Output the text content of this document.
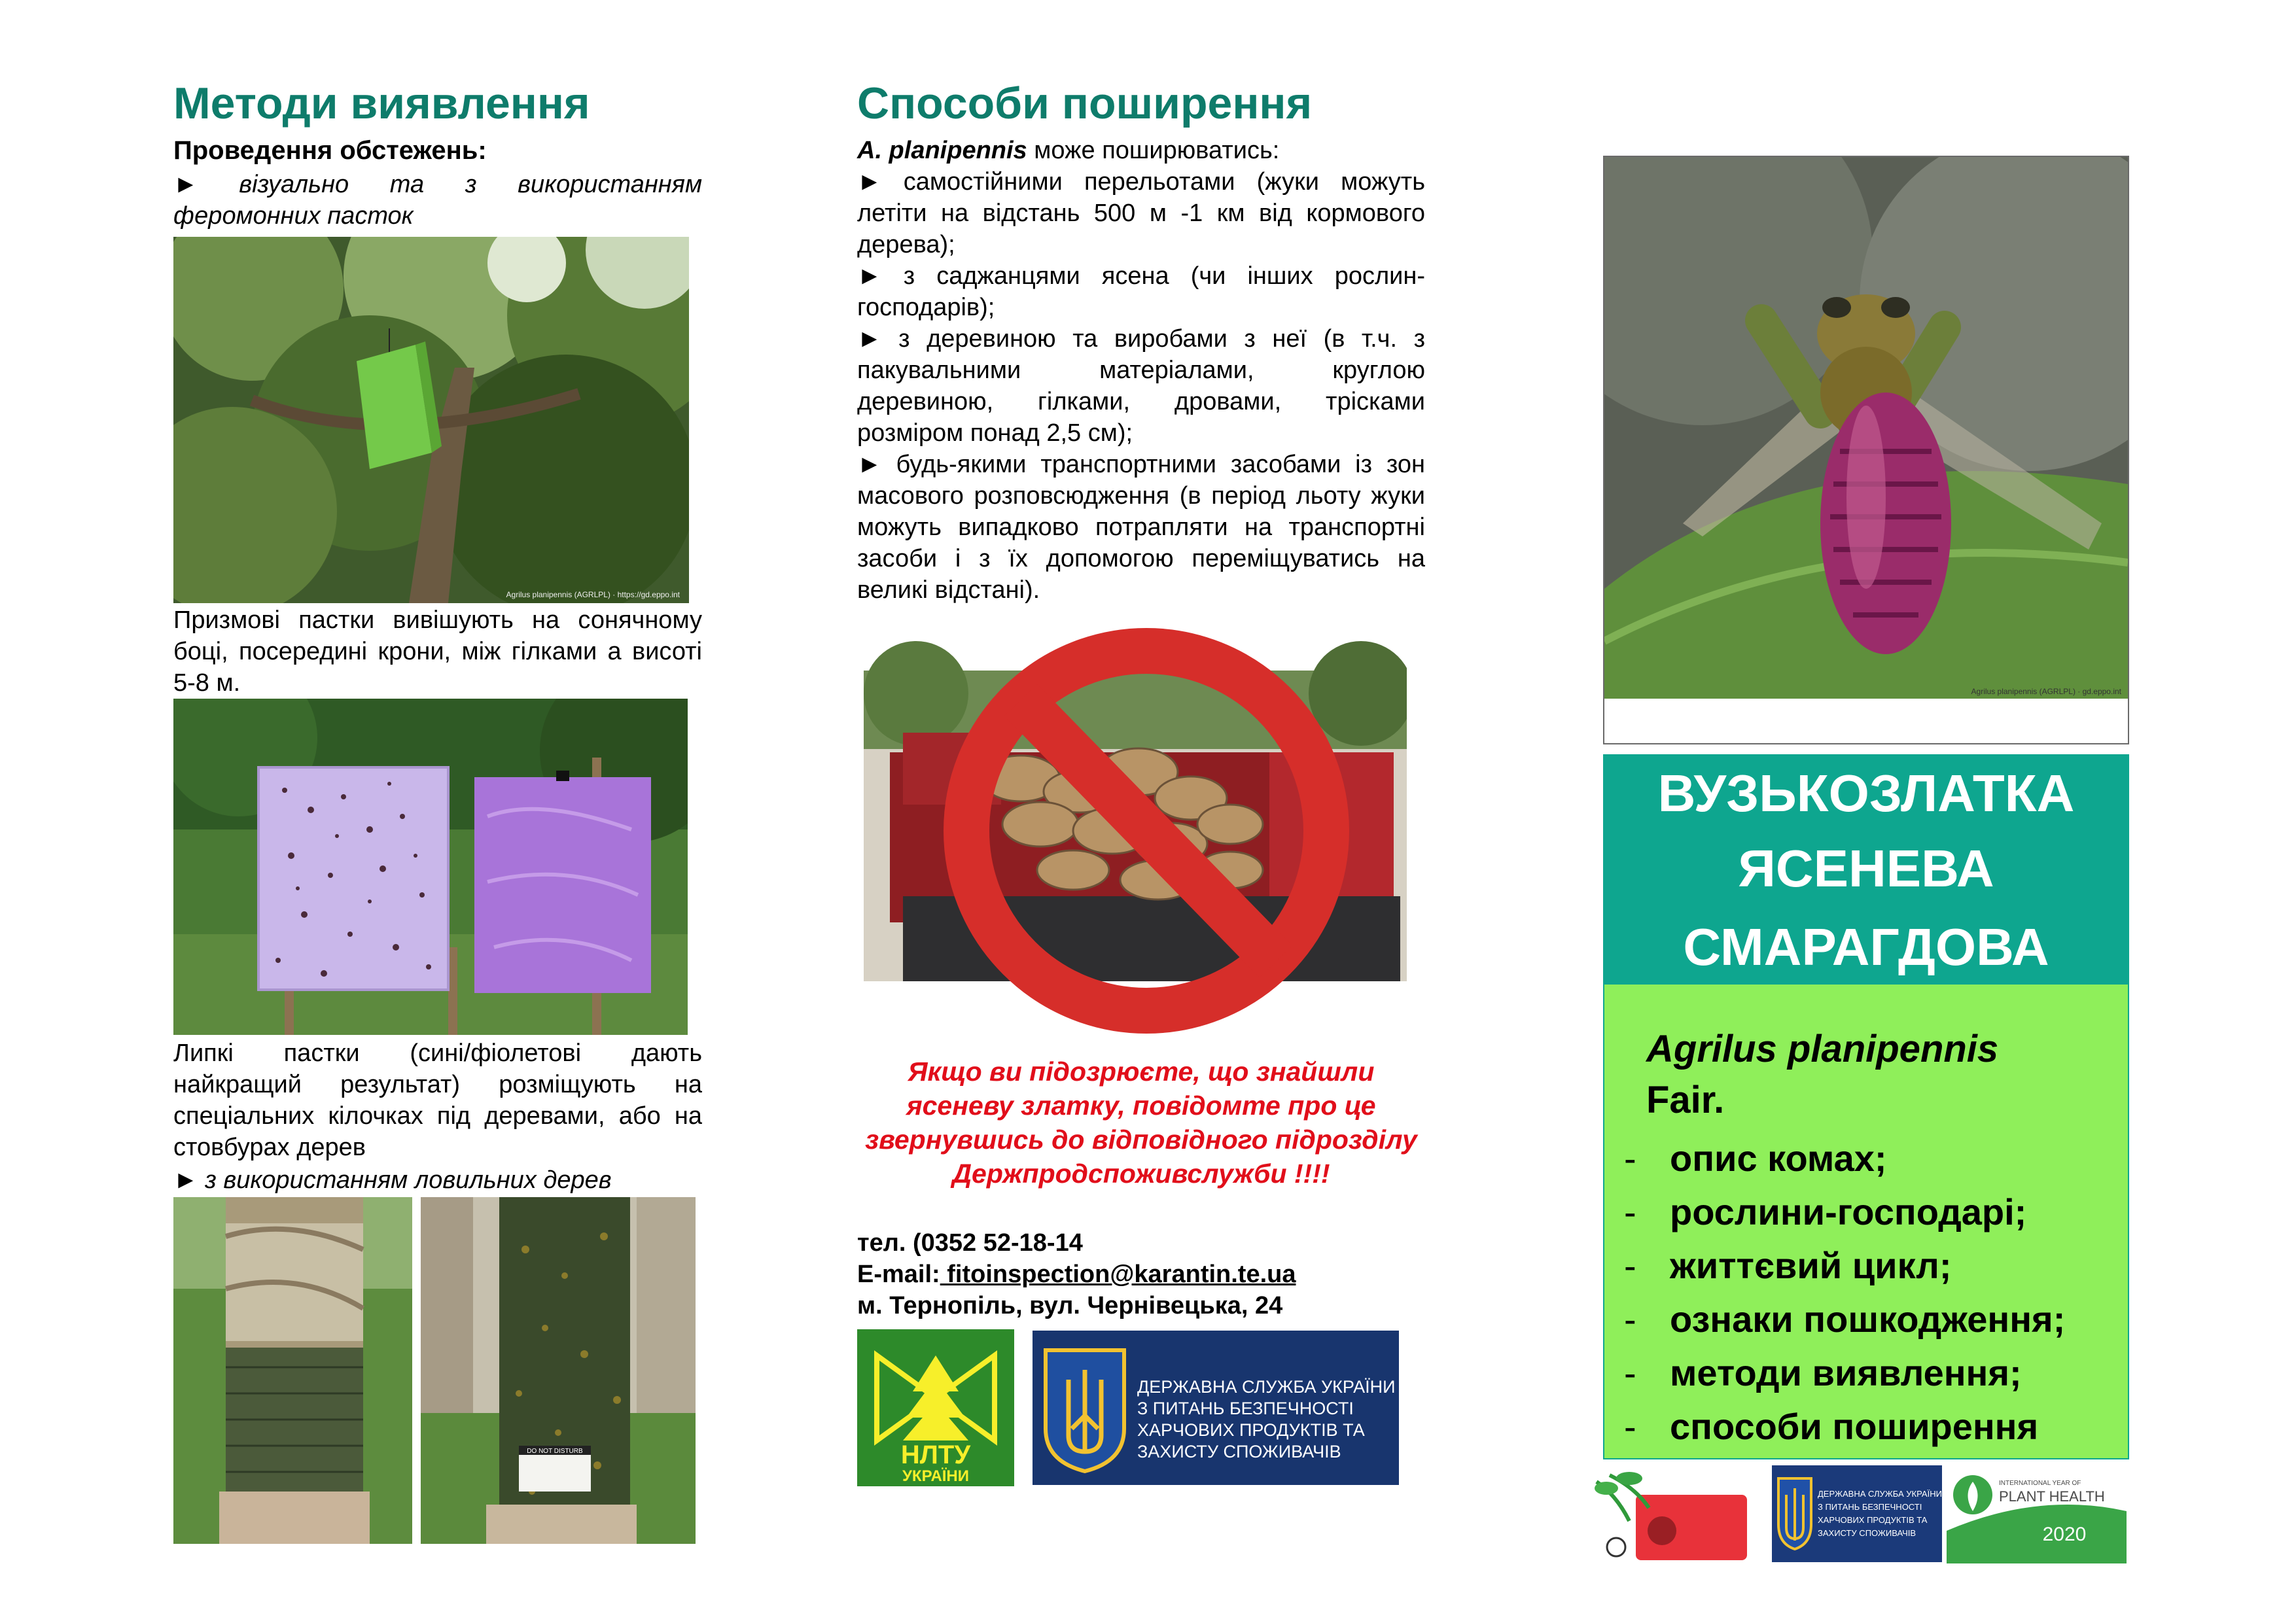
Методи виявлення
Проведення обстежень:
► візуально та з використанням феромонних пасток
Agrilus planipennis (AGRLPL) · https://gd.eppo.int
Призмові пастки вивішують на сонячному боці, посередині крони, між гілками а висоті 5-8 м.
Липкі пастки (сині/фіолетові дають найкращий результат) розміщують на спеціальних кілочках під деревами, або на стовбурах дерев
► з використанням ловильних дерев
DO NOT DISTURB
Способи поширення
A. planipennis може поширюватись:
► самостійними перельотами (жуки можуть летіти на відстань 500 м -1 км від кормового дерева);
► з саджанцями ясена (чи інших рослин-господарів);
► з деревиною та виробами з неї (в т.ч. з пакувальними матеріалами, круглою деревиною, гілками, дровами, трісками розміром понад 2,5 см);
► будь-якими транспортними засобами із зон масового розповсюдження (в період льоту жуки можуть випадково потрапляти на транспортні засоби і з їх допомогою переміщуватись на великі відстані).
Якщо ви підозрюєте, що знайшли ясеневу златку, повідомте про це звернувшись до відповідного підрозділу Держпродспоживслужби !!!!
тел. (0352 52-18-14
E-mail: fitoinspection@karantin.te.ua
м. Тернопіль, вул. Чернівецька, 24
НЛТУ
УКРАЇНИ
ДЕРЖАВНА СЛУЖБА УКРАЇНИ
З ПИТАНЬ БЕЗПЕЧНОСТІ
ХАРЧОВИХ ПРОДУКТІВ ТА
ЗАХИСТУ СПОЖИВАЧІВ
Agrilus planipennis (AGRLPL) · gd.eppo.int
ВУЗЬКОЗЛАТКА
ЯСЕНЕВА
СМАРАГДОВА
Agrilus planipennis
Fair.
- опис комах;
- рослини-господарі;
- життєвий цикл;
- ознаки пошкодження;
- методи виявлення;
- способи поширення
ДЕРЖАВНА СЛУЖБА УКРАЇНИ
З ПИТАНЬ БЕЗПЕЧНОСТІ
ХАРЧОВИХ ПРОДУКТІВ ТА
ЗАХИСТУ СПОЖИВАЧІВ
INTERNATIONAL YEAR OF
PLANT HEALTH
2020
